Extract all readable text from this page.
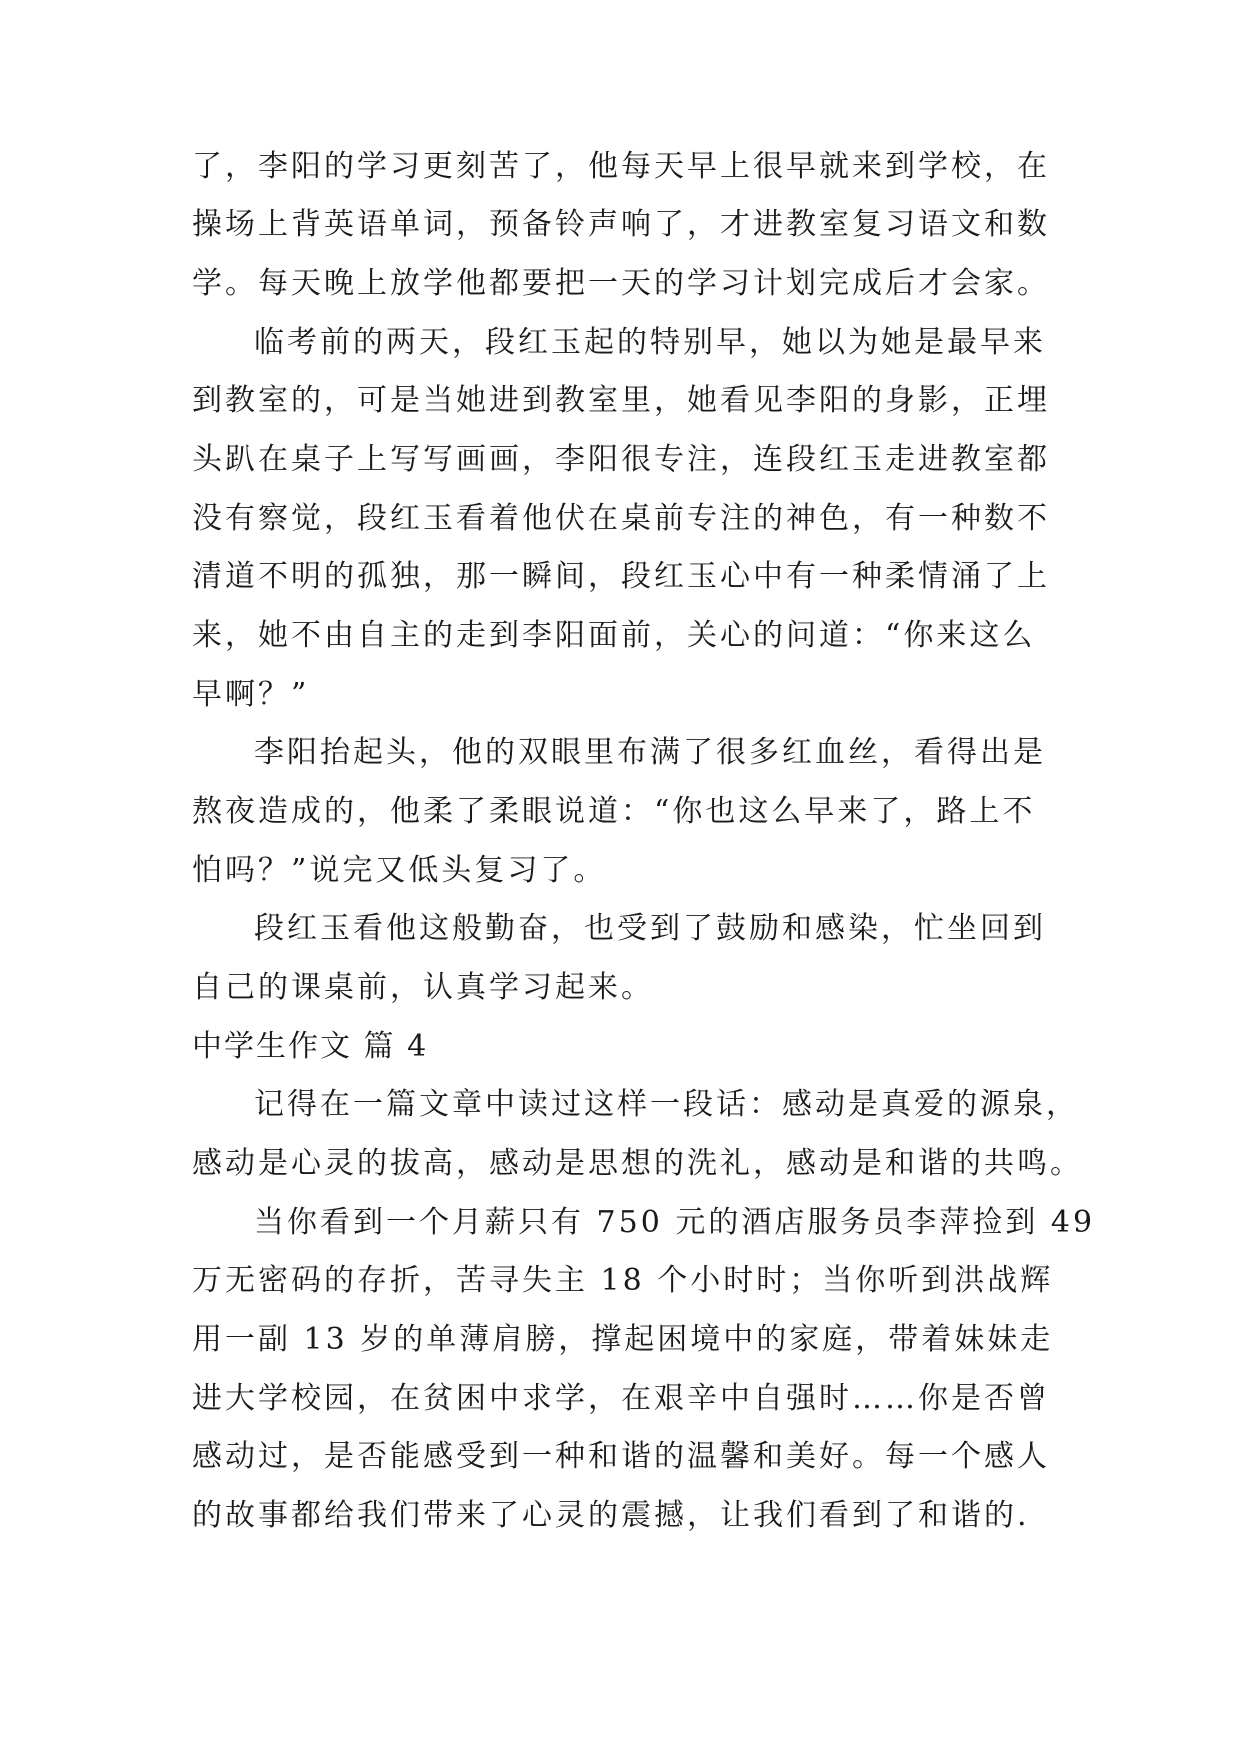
了，李阳的学习更刻苦了，他每天早上很早就来到学校，在
操场上背英语单词，预备铃声响了，才进教室复习语文和数
学。每天晚上放学他都要把一天的学习计划完成后才会家。
临考前的两天，段红玉起的特别早，她以为她是最早来
到教室的，可是当她进到教室里，她看见李阳的身影，正埋
头趴在桌子上写写画画，李阳很专注，连段红玉走进教室都
没有察觉，段红玉看着他伏在桌前专注的神色，有一种数不
清道不明的孤独，那一瞬间，段红玉心中有一种柔情涌了上
来，她不由自主的走到李阳面前，关心的问道：“你来这么
早啊？”
李阳抬起头，他的双眼里布满了很多红血丝，看得出是
熬夜造成的，他柔了柔眼说道：“你也这么早来了，路上不
怕吗？”说完又低头复习了。
段红玉看他这般勤奋，也受到了鼓励和感染，忙坐回到
自己的课桌前，认真学习起来。
中学生作文 篇 4
记得在一篇文章中读过这样一段话：感动是真爱的源泉，
感动是心灵的拔高，感动是思想的洗礼，感动是和谐的共鸣。
当你看到一个月薪只有 750 元的酒店服务员李萍捡到 49
万无密码的存折，苦寻失主 18 个小时时；当你听到洪战辉
用一副 13 岁的单薄肩膀，撑起困境中的家庭，带着妹妹走
进大学校园，在贫困中求学，在艰辛中自强时……你是否曾
感动过，是否能感受到一种和谐的温馨和美好。每一个感人
的故事都给我们带来了心灵的震撼，让我们看到了和谐的.
